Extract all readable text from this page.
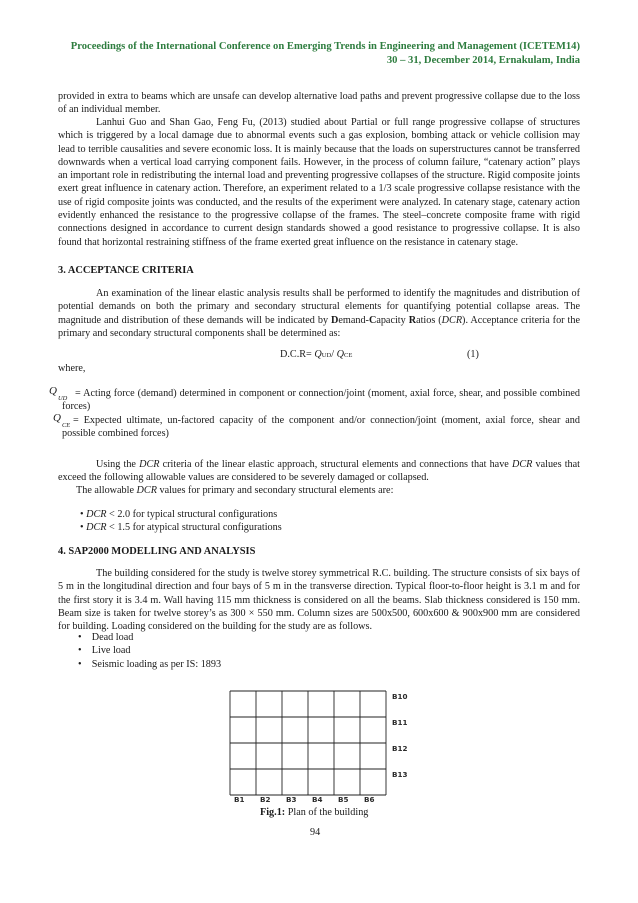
Proceedings of the International Conference on Emerging Trends in Engineering and Management (ICETEM14)
30 – 31, December 2014, Ernakulam, India
provided in extra to beams which are unsafe can develop alternative load paths and prevent progressive collapse due to the loss of an individual member.
Lanhui Guo and Shan Gao, Feng Fu, (2013) studied about Partial or full range progressive collapse of structures which is triggered by a local damage due to abnormal events such a gas explosion, bombing attack or vehicle collision may lead to terrible causalities and severe economic loss. It is mainly because that the loads on superstructures cannot be transferred downwards when a vertical load carrying component fails. However, in the process of column failure, “catenary action” plays an important role in redistributing the internal load and preventing progressive collapses of the structure. Rigid composite joints exert great influence in catenary action. Therefore, an experiment related to a 1/3 scale progressive collapse resistance with the use of rigid composite joints was conducted, and the results of the experiment were analyzed. In catenary stage, catenary action evidently enhanced the resistance to the progressive collapse of the frames. The steel–concrete composite frame with rigid connections designed in accordance to current design standards showed a good resistance to progressive collapse. It is also found that horizontal restraining stiffness of the frame exerted great influence on the resistance in catenary stage.
3. ACCEPTANCE CRITERIA
An examination of the linear elastic analysis results shall be performed to identify the magnitudes and distribution of potential demands on both the primary and secondary structural elements for quantifying potential collapse areas. The magnitude and distribution of these demands will be indicated by Demand-Capacity Ratios (DCR). Acceptance criteria for the primary and secondary structural components shall be determined as:
D.C.R= QUD/ QCE	(1)
where,
$Q_{UD}$ = Acting force (demand) determined in component or connection/joint (moment, axial force, shear, and possible combined forces)
$Q_{CE}$ = Expected ultimate, un-factored capacity of the component and/or connection/joint (moment, axial force, shear and possible combined forces)
Using the DCR criteria of the linear elastic approach, structural elements and connections that have DCR values that exceed the following allowable values are considered to be severely damaged or collapsed.
The allowable DCR values for primary and secondary structural elements are:
• DCR < 2.0 for typical structural configurations
• DCR < 1.5 for atypical structural configurations
4. SAP2000 MODELLING AND ANALYSIS
The building considered for the study is twelve storey symmetrical R.C. building. The structure consists of six bays of 5 m in the longitudinal direction and four bays of 5 m in the transverse direction. Typical floor-to-floor height is 3.1 m and for the first story it is 3.4 m. Wall having 115 mm thickness is considered on all the beams. Slab thickness considered is 150 mm. Beam size is taken for twelve storey’s as 300 × 550 mm. Column sizes are 500x500, 600x600 & 900x900 mm are considered for building. Loading considered on the building for the study are as follows.
• Dead load
• Live load
• Seismic loading as per IS: 1893
B1 B2 B3 B4 B5 B6
B10
B11
B12
B13
Fig.1: Plan of the building
94
